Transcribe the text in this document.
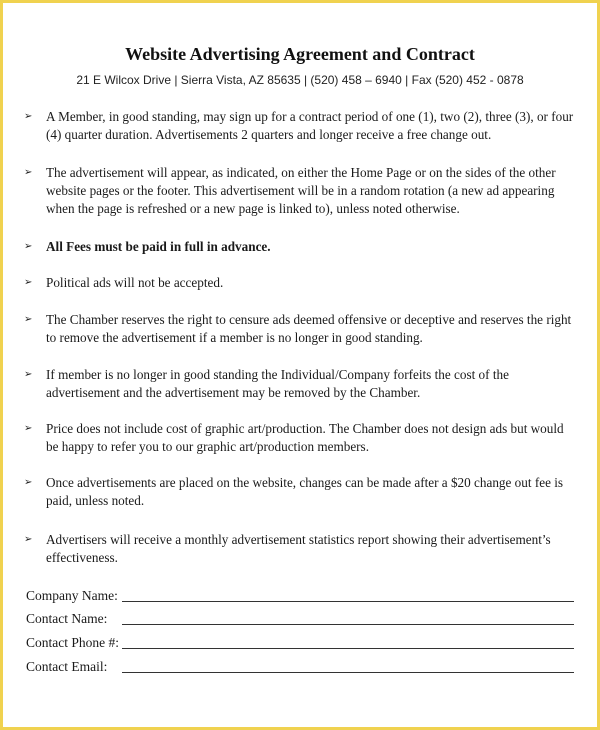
Website Advertising Agreement and Contract
21 E Wilcox Drive | Sierra Vista, AZ 85635 | (520) 458 – 6940 | Fax (520) 452 - 0878
➢	A Member, in good standing, may sign up for a contract period of one (1), two (2), three (3), or four (4) quarter duration. Advertisements 2 quarters and longer receive a free change out.
➢	The advertisement will appear, as indicated, on either the Home Page or on the sides of the other website pages or the footer. This advertisement will be in a random rotation (a new ad appearing when the page is refreshed or a new page is linked to), unless noted otherwise.
➢	All Fees must be paid in full in advance.
➢	Political ads will not be accepted.
➢	The Chamber reserves the right to censure ads deemed offensive or deceptive and reserves the right to remove the advertisement if a member is no longer in good standing.
➢	If member is no longer in good standing the Individual/Company forfeits the cost of the advertisement and the advertisement may be removed by the Chamber.
➢	Price does not include cost of graphic art/production. The Chamber does not design ads but would be happy to refer you to our graphic art/production members.
➢	Once advertisements are placed on the website, changes can be made after a $20 change out fee is paid, unless noted.
➢	Advertisers will receive a monthly advertisement statistics report showing their advertisement’s effectiveness.
Company Name:
Contact Name:
Contact Phone #:
Contact Email:
